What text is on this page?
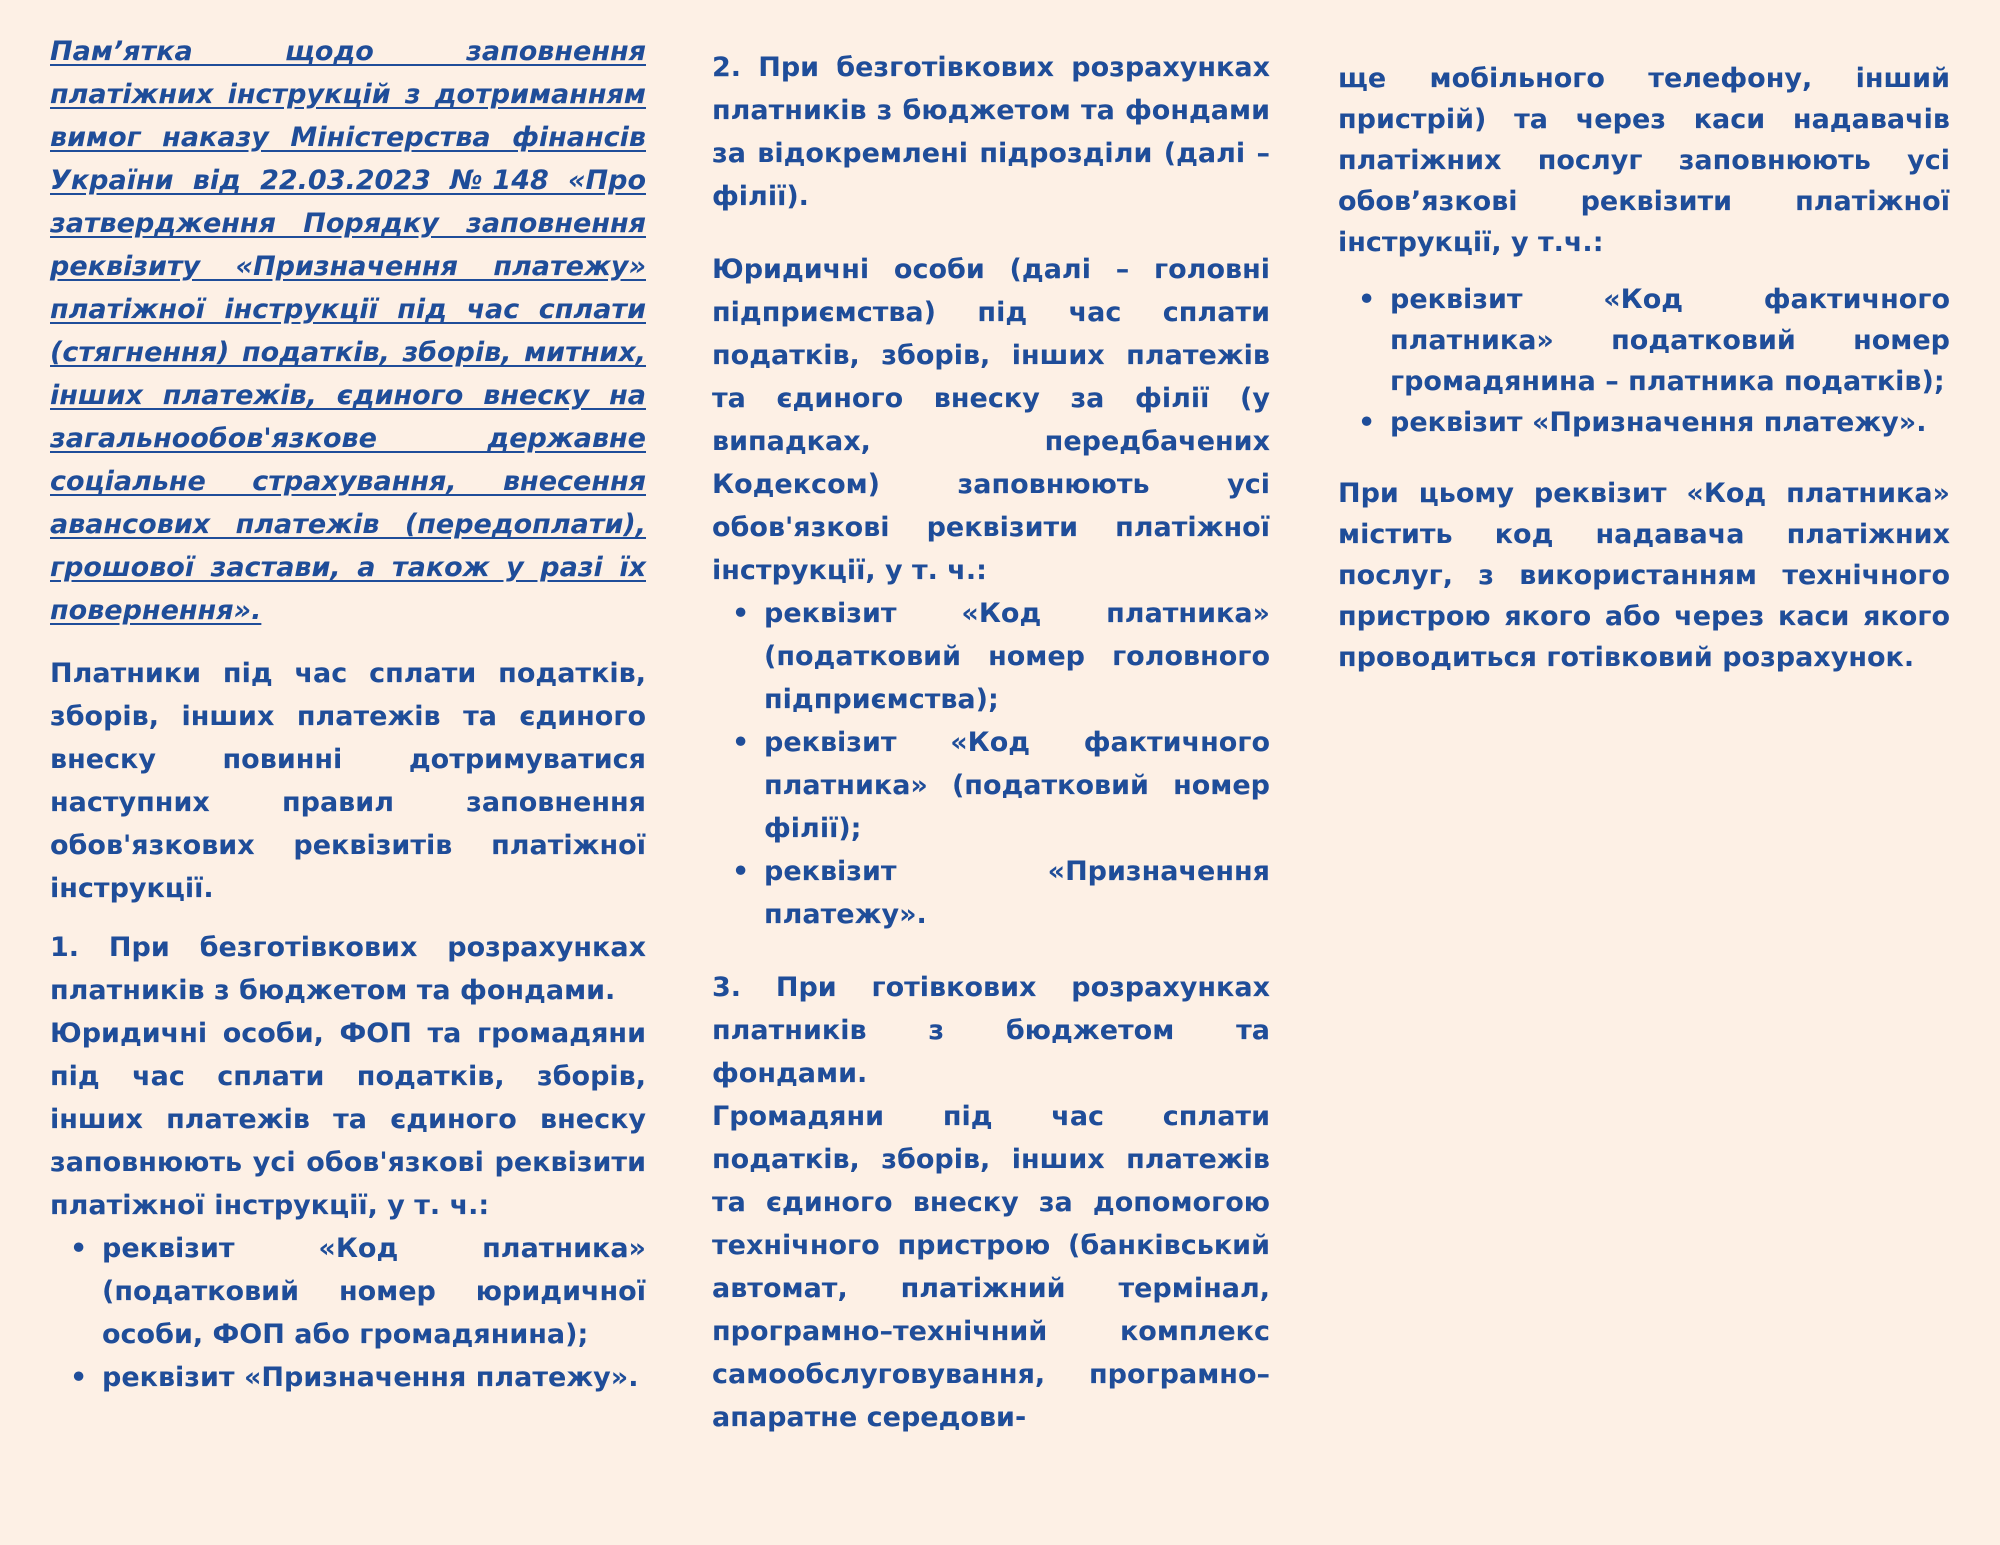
Пам’ятка щодо заповнення платіжних інструкцій з дотриманням вимог наказу Міністерства фінансів України від 22.03.2023 №148 «Про затвердження Порядку заповнення реквізиту «Призначення платежу» платіжної інструкції під час сплати (стягнення) податків, зборів, митних, інших платежів, єдиного внеску на загальнообов'язкове державне соціальне страхування, внесення авансових платежів (передоплати), грошової застави, а також у разі їх повернення».

Платники під час сплати податків, зборів, інших платежів та єдиного внеску повинні дотримуватися наступних правил заповнення обов'язкових реквізитів платіжної інструкції.

1. При безготівкових розрахунках платників з бюджетом та фондами.

Юридичні особи, ФОП та громадяни під час сплати податків, зборів, інших платежів та єдиного внеску заповнюють усі обов'язкові реквізити платіжної інструкції, у т. ч.:

• реквізит «Код платника» (податковий номер юридичної особи, ФОП або громадянина);
• реквізит «Призначення платежу».

2. При безготівкових розрахунках платників з бюджетом та фондами за відокремлені підрозділи (далі – філії).

Юридичні особи (далі – головні підприємства) під час сплати податків, зборів, інших платежів та єдиного внеску за філії (у випадках, передбачених Кодексом) заповнюють усі обов'язкові реквізити платіжної інструкції, у т. ч.:

• реквізит «Код платника» (податковий номер головного підприємства);
• реквізит «Код фактичного платника» (податковий номер філії);
• реквізит «Призначення платежу».

3. При готівкових розрахунках платників з бюджетом та фондами.

Громадяни під час сплати податків, зборів, інших платежів та єдиного внеску за допомогою технічного пристрою (банківський автомат, платіжний термінал, програмно–технічний комплекс самообслуговування, програмно–апаратне середови-

ще мобільного телефону, інший пристрій) та через каси надавачів платіжних послуг заповнюють усі обов’язкові реквізити платіжної інструкції, у т.ч.:

• реквізит «Код фактичного платника» податковий номер громадянина – платника податків);
• реквізит «Призначення платежу».

При цьому реквізит «Код платника» містить код надавача платіжних послуг, з використанням технічного пристрою якого або через каси якого проводиться готівковий розрахунок.
